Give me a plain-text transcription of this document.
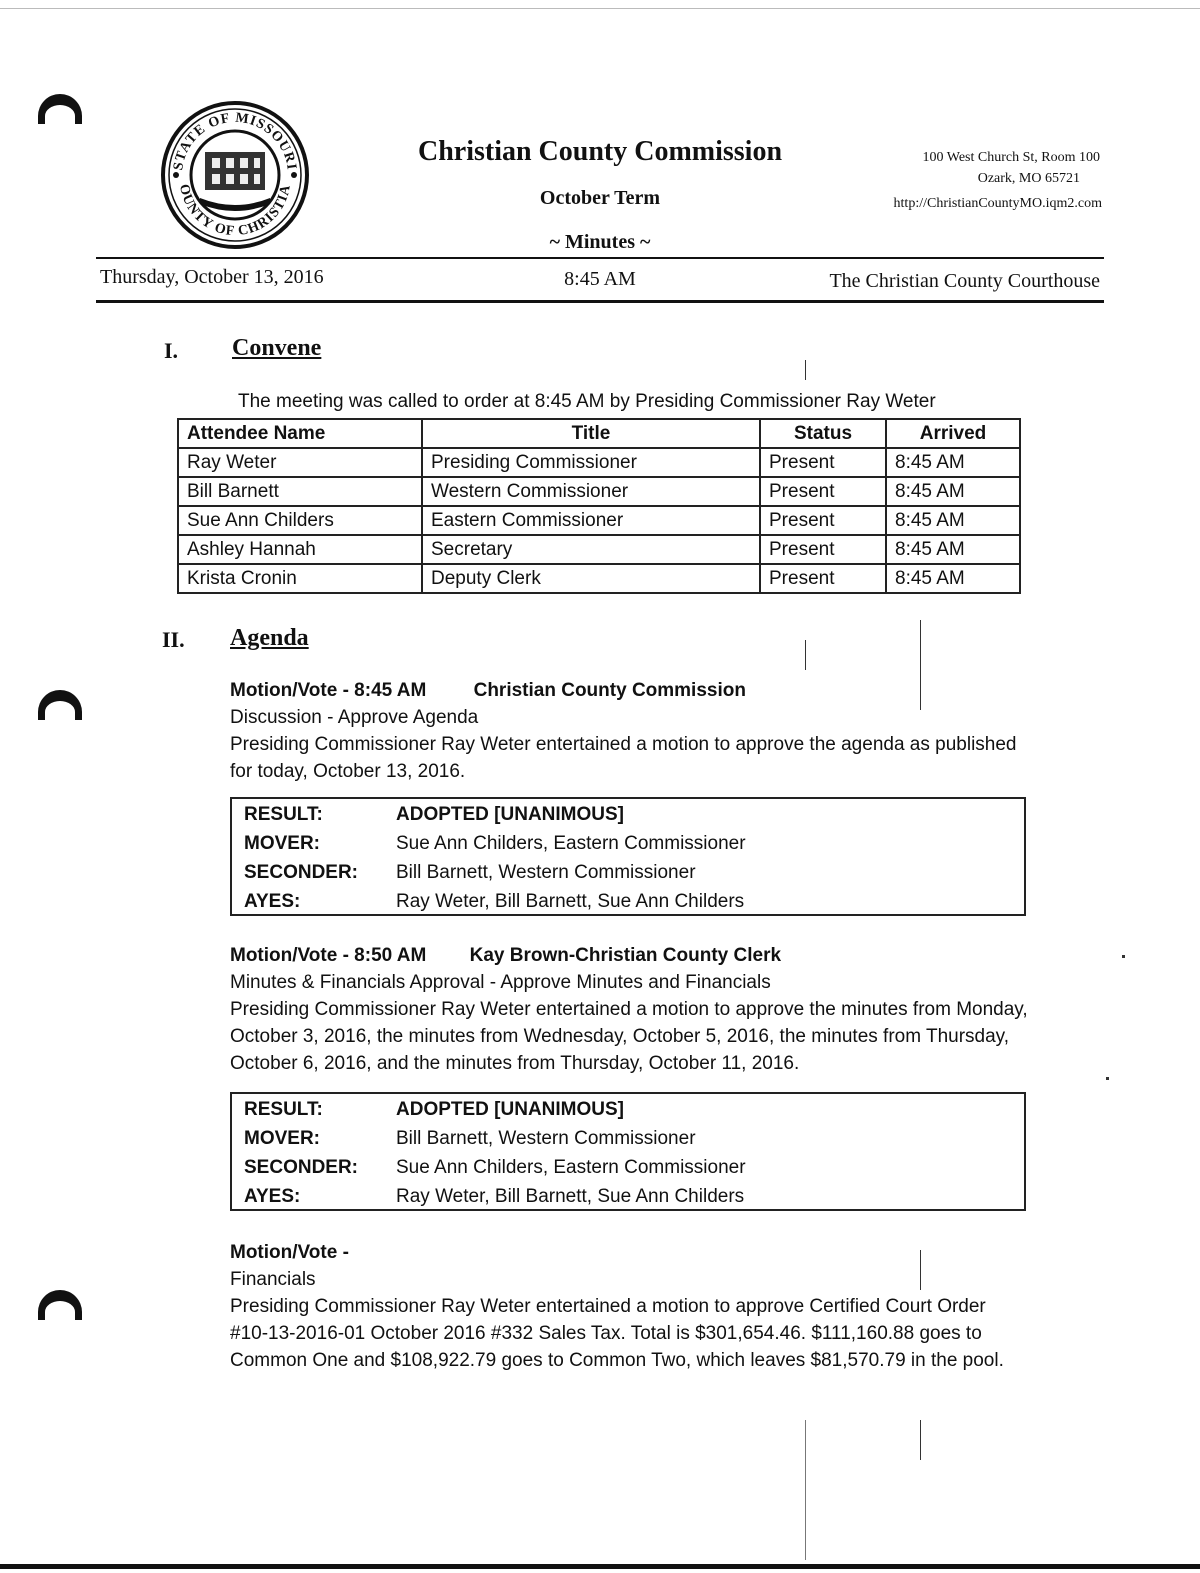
STATE OF MISSOURI
OUNTY OF CHRISTIA
Christian County Commission
October Term
~ Minutes ~
100 West Church St, Room 100
Ozark, MO 65721
http://ChristianCountyMO.iqm2.com
Thursday, October 13, 2016	8:45 AM	The Christian County Courthouse
I. Convene
The meeting was called to order at 8:45 AM by Presiding Commissioner Ray Weter
Attendee Name	Title	Status	Arrived
Ray Weter	Presiding Commissioner	Present	8:45 AM
Bill Barnett	Western Commissioner	Present	8:45 AM
Sue Ann Childers	Eastern Commissioner	Present	8:45 AM
Ashley Hannah	Secretary	Present	8:45 AM
Krista Cronin	Deputy Clerk	Present	8:45 AM
II. Agenda
Motion/Vote - 8:45 AM Christian County Commission
Discussion - Approve Agenda
Presiding Commissioner Ray Weter entertained a motion to approve the agenda as published for today, October 13, 2016.
RESULT:	ADOPTED [UNANIMOUS]
MOVER:	Sue Ann Childers, Eastern Commissioner
SECONDER: Bill Barnett, Western Commissioner
AYES:	Ray Weter, Bill Barnett, Sue Ann Childers
Motion/Vote - 8:50 AM Kay Brown-Christian County Clerk
Minutes & Financials Approval - Approve Minutes and Financials
Presiding Commissioner Ray Weter entertained a motion to approve the minutes from Monday, October 3, 2016, the minutes from Wednesday, October 5, 2016, the minutes from Thursday, October 6, 2016, and the minutes from Thursday, October 11, 2016.
RESULT:	ADOPTED [UNANIMOUS]
MOVER:	Bill Barnett, Western Commissioner
SECONDER: Sue Ann Childers, Eastern Commissioner
AYES:	Ray Weter, Bill Barnett, Sue Ann Childers
Motion/Vote -
Financials
Presiding Commissioner Ray Weter entertained a motion to approve Certified Court Order #10-13-2016-01 October 2016 #332 Sales Tax. Total is $301,654.46. $111,160.88 goes to Common One and $108,922.79 goes to Common Two, which leaves $81,570.79 in the pool.
